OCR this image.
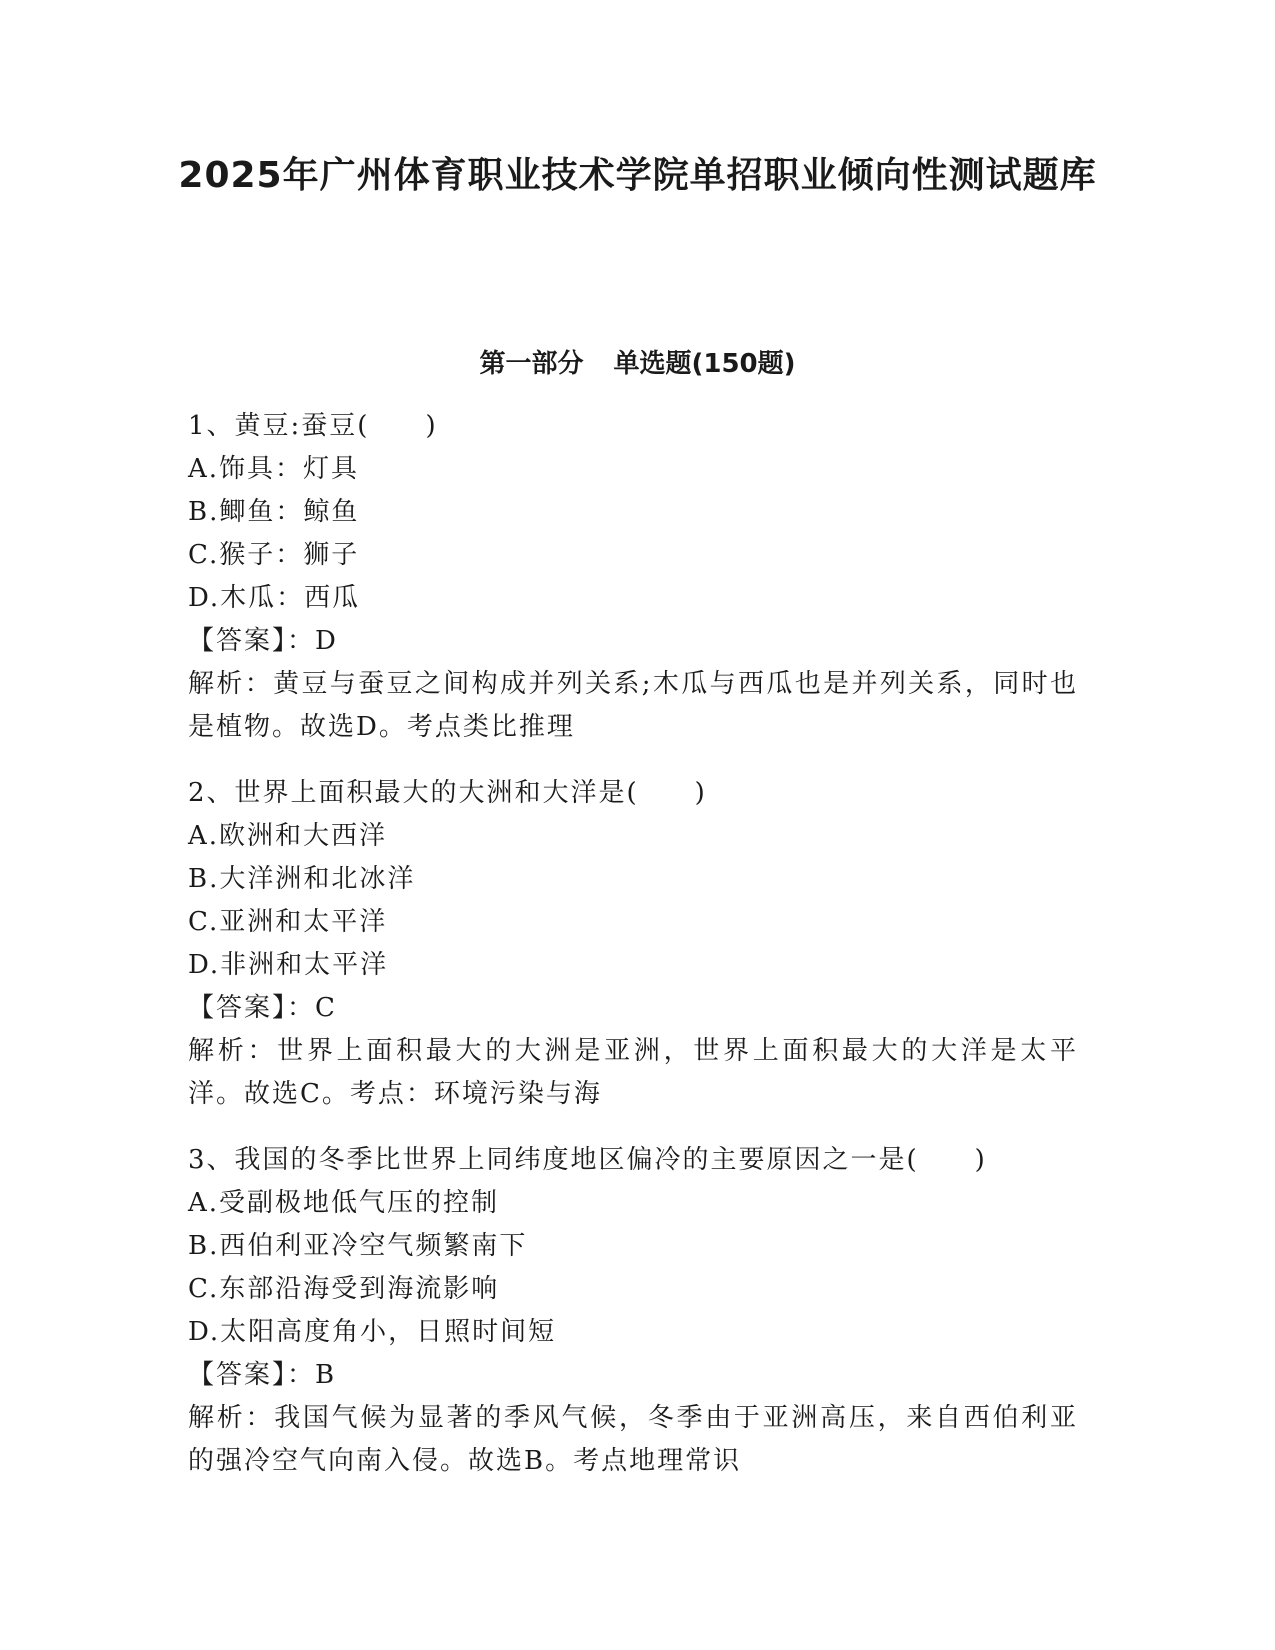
2025年广州体育职业技术学院单招职业倾向性测试题库
第一部分 单选题(150题)
1、黄豆:蚕豆(　　)
A.饰具：灯具
B.鲫鱼：鲸鱼
C.猴子：狮子
D.木瓜：西瓜
【答案】：D
解析：黄豆与蚕豆之间构成并列关系;木瓜与西瓜也是并列关系，同时也是植物。故选D。考点类比推理
2、世界上面积最大的大洲和大洋是(　　)
A.欧洲和大西洋
B.大洋洲和北冰洋
C.亚洲和太平洋
D.非洲和太平洋
【答案】：C
解析：世界上面积最大的大洲是亚洲，世界上面积最大的大洋是太平洋。故选C。考点：环境污染与海
3、我国的冬季比世界上同纬度地区偏冷的主要原因之一是(　　)
A.受副极地低气压的控制
B.西伯利亚冷空气频繁南下
C.东部沿海受到海流影响
D.太阳高度角小，日照时间短
【答案】：B
解析：我国气候为显著的季风气候，冬季由于亚洲高压，来自西伯利亚的强冷空气向南入侵。故选B。考点地理常识
